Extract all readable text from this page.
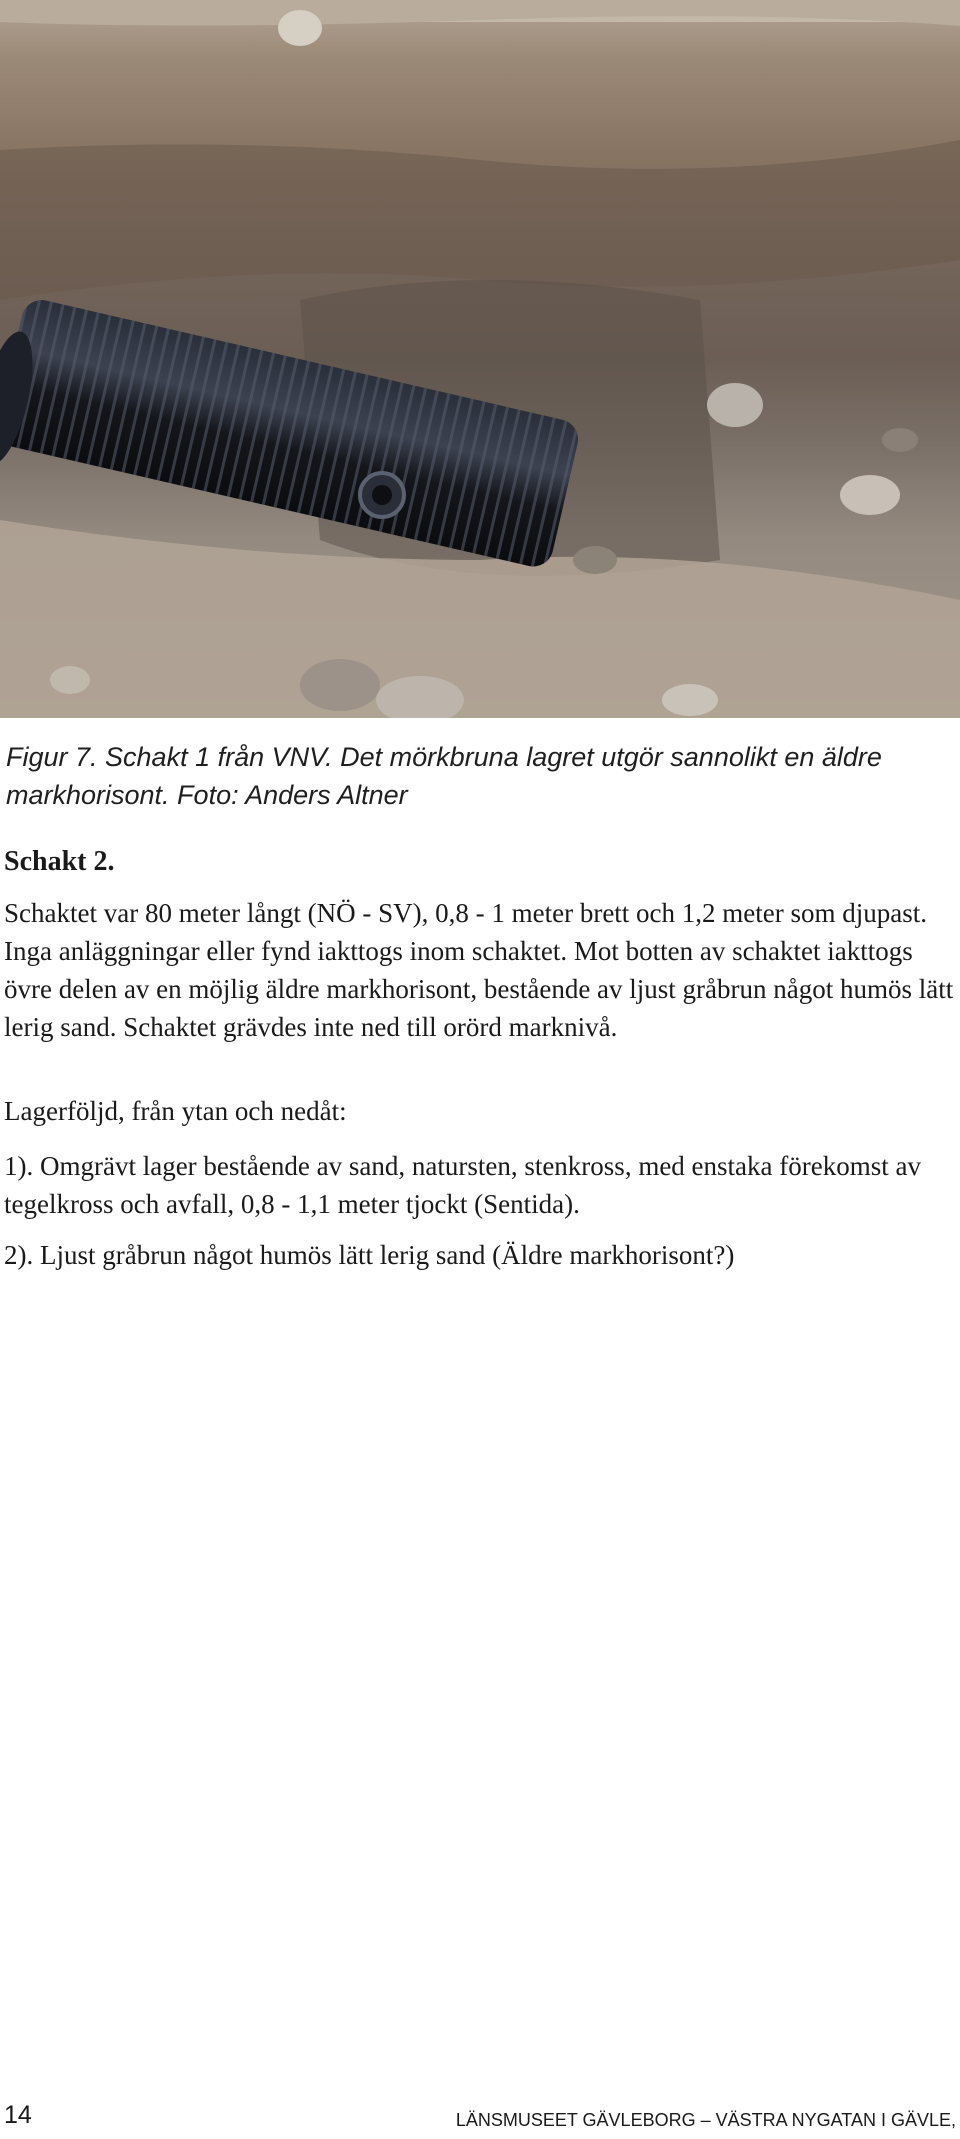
Figur 7. Schakt 1 från VNV. Det mörkbruna lagret utgör sannolikt en äldre markhorisont. Foto: Anders Altner

Schakt 2.

Schaktet var 80 meter långt (NÖ - SV), 0,8 - 1 meter brett och 1,2 meter som djupast. Inga anläggningar eller fynd iakttogs inom schaktet. Mot botten av schaktet iakttogs övre delen av en möjlig äldre markhorisont, bestående av ljust gråbrun något humös lätt lerig sand. Schaktet grävdes inte ned till orörd marknivå.

Lagerföljd, från ytan och nedåt:

1). Omgrävt lager bestående av sand, natursten, stenkross, med enstaka förekomst av tegelkross och avfall, 0,8 - 1,1 meter tjockt (Sentida).

2). Ljust gråbrun något humös lätt lerig sand (Äldre markhorisont?)

14	LÄNSMUSEET GÄVLEBORG – VÄSTRA NYGATAN I GÄVLE,
